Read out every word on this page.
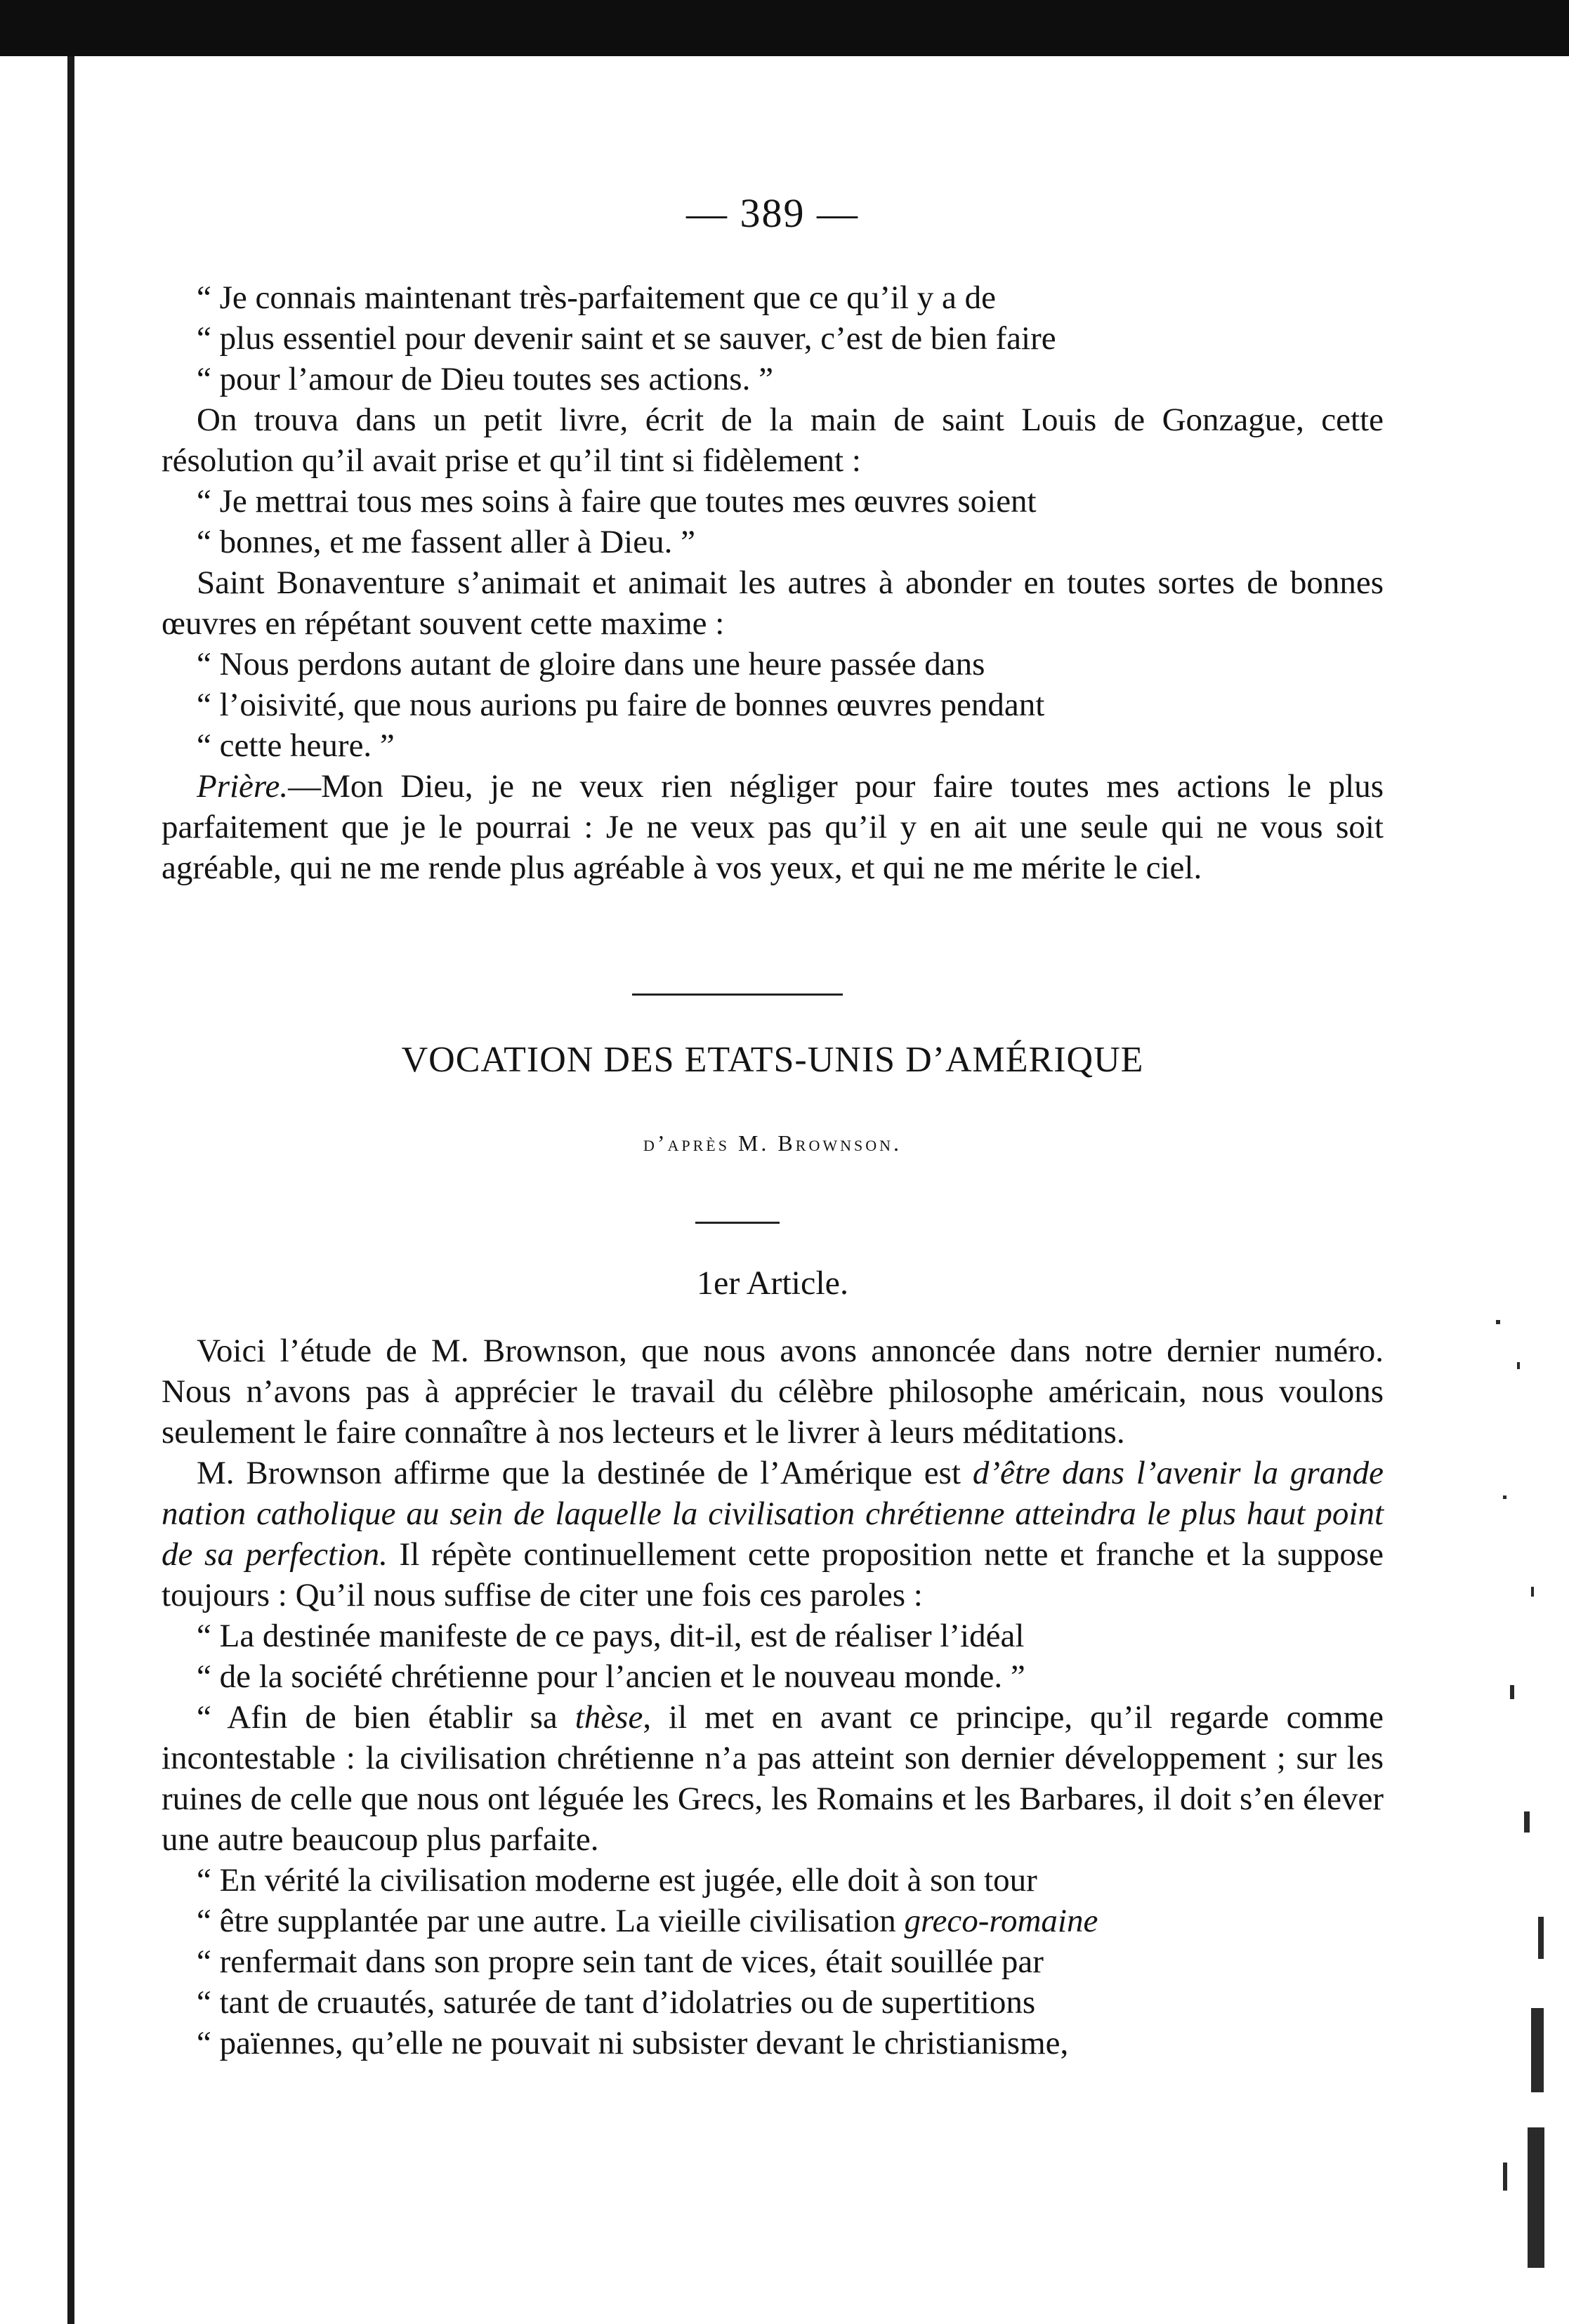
— 389 —

“ Je connais maintenant très-parfaitement que ce qu’il y a de

“ plus essentiel pour devenir saint et se sauver, c’est de bien faire

“ pour l’amour de Dieu toutes ses actions. ”

On trouva dans un petit livre, écrit de la main de saint Louis de Gonzague, cette résolution qu’il avait prise et qu’il tint si fidèlement :

“ Je mettrai tous mes soins à faire que toutes mes œuvres soient

“ bonnes, et me fassent aller à Dieu. ”

Saint Bonaventure s’animait et animait les autres à abonder en toutes sortes de bonnes œuvres en répétant souvent cette maxime :

“ Nous perdons autant de gloire dans une heure passée dans

“ l’oisivité, que nous aurions pu faire de bonnes œuvres pendant

“ cette heure. ”

Prière.—Mon Dieu, je ne veux rien négliger pour faire toutes mes actions le plus parfaitement que je le pourrai : Je ne veux pas qu’il y en ait une seule qui ne vous soit agréable, qui ne me rende plus agréable à vos yeux, et qui ne me mérite le ciel.

VOCATION DES ETATS-UNIS D’AMÉRIQUE
d’après M. Brownson.
1er Article.

Voici l’étude de M. Brownson, que nous avons annoncée dans notre dernier numéro. Nous n’avons pas à apprécier le travail du célèbre philosophe américain, nous voulons seulement le faire connaître à nos lecteurs et le livrer à leurs méditations.

M. Brownson affirme que la destinée de l’Amérique est d’être dans l’avenir la grande nation catholique au sein de laquelle la civilisation chrétienne atteindra le plus haut point de sa perfection. Il répète continuellement cette proposition nette et franche et la suppose toujours : Qu’il nous suffise de citer une fois ces paroles :

“ La destinée manifeste de ce pays, dit-il, est de réaliser l’idéal

“ de la société chrétienne pour l’ancien et le nouveau monde. ”

“ Afin de bien établir sa thèse, il met en avant ce principe, qu’il regarde comme incontestable : la civilisation chrétienne n’a pas atteint son dernier développement ; sur les ruines de celle que nous ont léguée les Grecs, les Romains et les Barbares, il doit s’en élever une autre beaucoup plus parfaite.

“ En vérité la civilisation moderne est jugée, elle doit à son tour

“ être supplantée par une autre. La vieille civilisation greco-romaine

“ renfermait dans son propre sein tant de vices, était souillée par

“ tant de cruautés, saturée de tant d’idolatries ou de supertitions

“ païennes, qu’elle ne pouvait ni subsister devant le christianisme,
